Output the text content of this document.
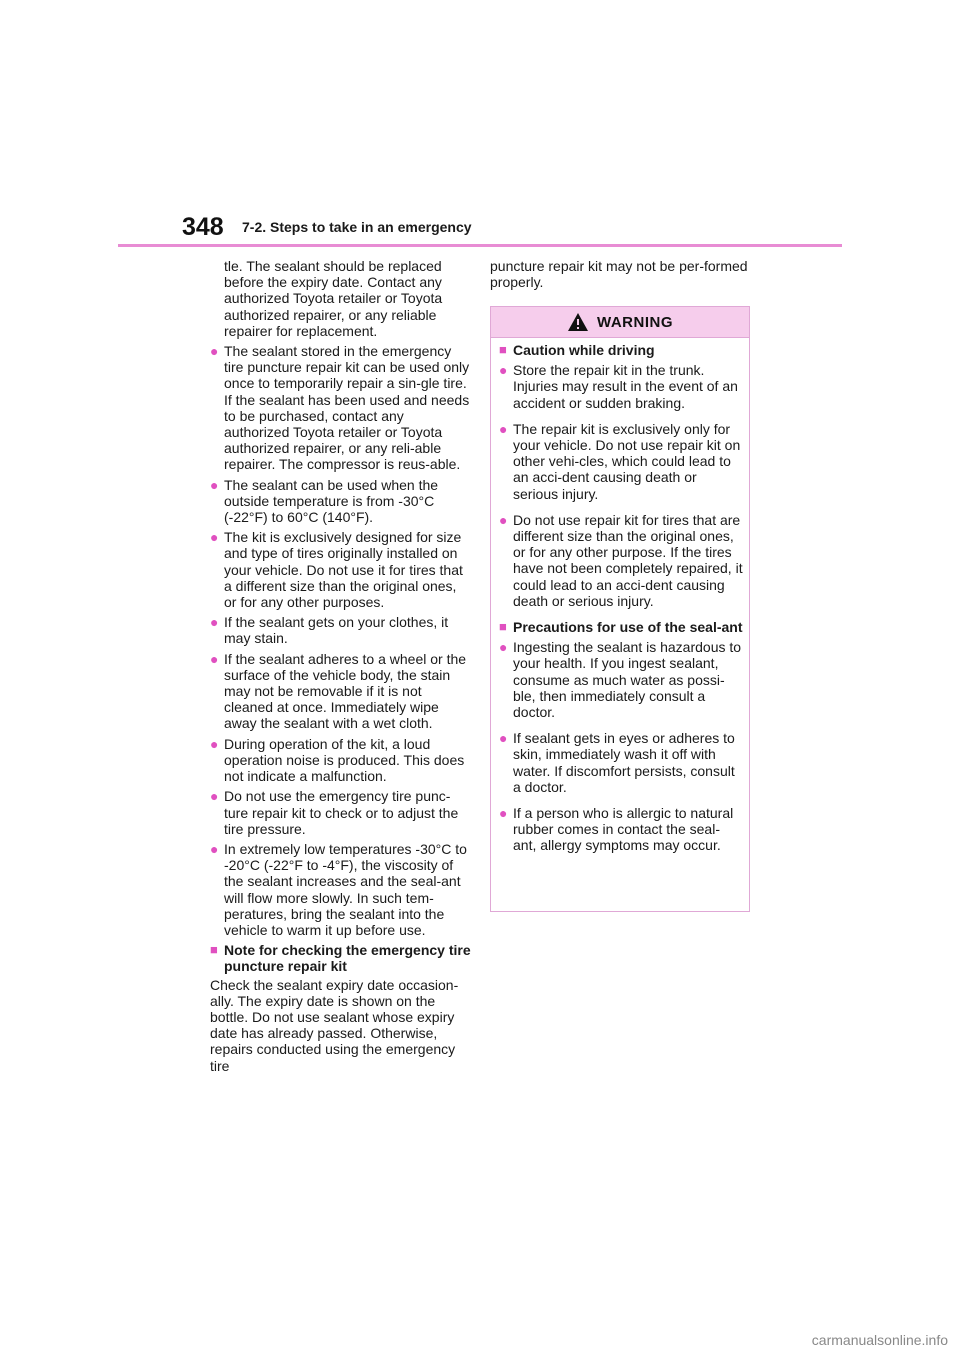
348 7-2. Steps to take in an emergency

tle. The sealant should be replaced before the expiry date. Contact any authorized Toyota retailer or Toyota authorized repairer, or any reliable repairer for replacement.

● The sealant stored in the emergency tire puncture repair kit can be used only once to temporarily repair a sin-gle tire. If the sealant has been used and needs to be purchased, contact any authorized Toyota retailer or Toyota authorized repairer, or any reli-able repairer. The compressor is reus-able.
● The sealant can be used when the outside temperature is from -30°C (-22°F) to 60°C (140°F).
● The kit is exclusively designed for size and type of tires originally installed on your vehicle. Do not use it for tires that a different size than the original ones, or for any other purposes.
● If the sealant gets on your clothes, it may stain.
● If the sealant adheres to a wheel or the surface of the vehicle body, the stain may not be removable if it is not cleaned at once. Immediately wipe away the sealant with a wet cloth.
● During operation of the kit, a loud operation noise is produced. This does not indicate a malfunction.
● Do not use the emergency tire punc-ture repair kit to check or to adjust the tire pressure.
● In extremely low temperatures -30°C to -20°C (-22°F to -4°F), the viscosity of the sealant increases and the seal-ant will flow more slowly. In such tem-peratures, bring the sealant into the vehicle to warm it up before use.
■ Note for checking the emergency tire puncture repair kit

Check the sealant expiry date occasion-ally. The expiry date is shown on the bottle. Do not use sealant whose expiry date has already passed. Otherwise, repairs conducted using the emergency tire

puncture repair kit may not be per-formed properly.
WARNING
■ Caution while driving
● Store the repair kit in the trunk. Injuries may result in the event of an accident or sudden braking.
● The repair kit is exclusively only for your vehicle. Do not use repair kit on other vehi-cles, which could lead to an acci-dent causing death or serious injury.
● Do not use repair kit for tires that are different size than the original ones, or for any other purpose. If the tires have not been completely repaired, it could lead to an acci-dent causing death or serious injury.
■ Precautions for use of the seal-ant
● Ingesting the sealant is hazardous to your health. If you ingest sealant, consume as much water as possi-ble, then immediately consult a doctor.
● If sealant gets in eyes or adheres to skin, immediately wash it off with water. If discomfort persists, consult a doctor.
● If a person who is allergic to natural rubber comes in contact the seal-ant, allergy symptoms may occur.
carmanualsonline.info
